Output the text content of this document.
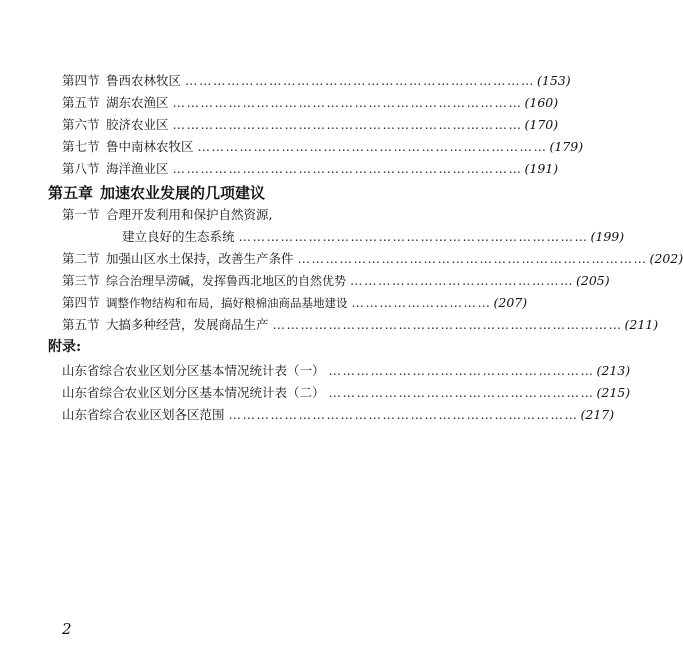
第四节 鲁西农林牧区 ………………………………………………………………… (153)
第五节 湖东农渔区 ………………………………………………………………… (160)
第六节 胶济农业区 ………………………………………………………………… (170)
第七节 鲁中南林农牧区 ………………………………………………………………… (179)
第八节 海洋渔业区 ………………………………………………………………… (191)
第五章 加速农业发展的几项建议
第一节 合理开发利用和保护自然资源,
建立良好的生态系统 ………………………………………………………………… (199)
第二节 加强山区水土保持，改善生产条件 ………………………………………………………………… (202)
第三节 综合治理旱涝碱，发挥鲁西北地区的自然优势 ………………………………………… (205)
第四节 调整作物结构和布局，搞好粮棉油商品基地建设 ………………………… (207)
第五节 大搞多种经营，发展商品生产 ………………………………………………………………… (211)
附录:
山东省综合农业区划分区基本情况统计表（一） ………………………………………………… (213)
山东省综合农业区划分区基本情况统计表（二） ………………………………………………… (215)
山东省综合农业区划各区范围 ………………………………………………………………… (217)
2
